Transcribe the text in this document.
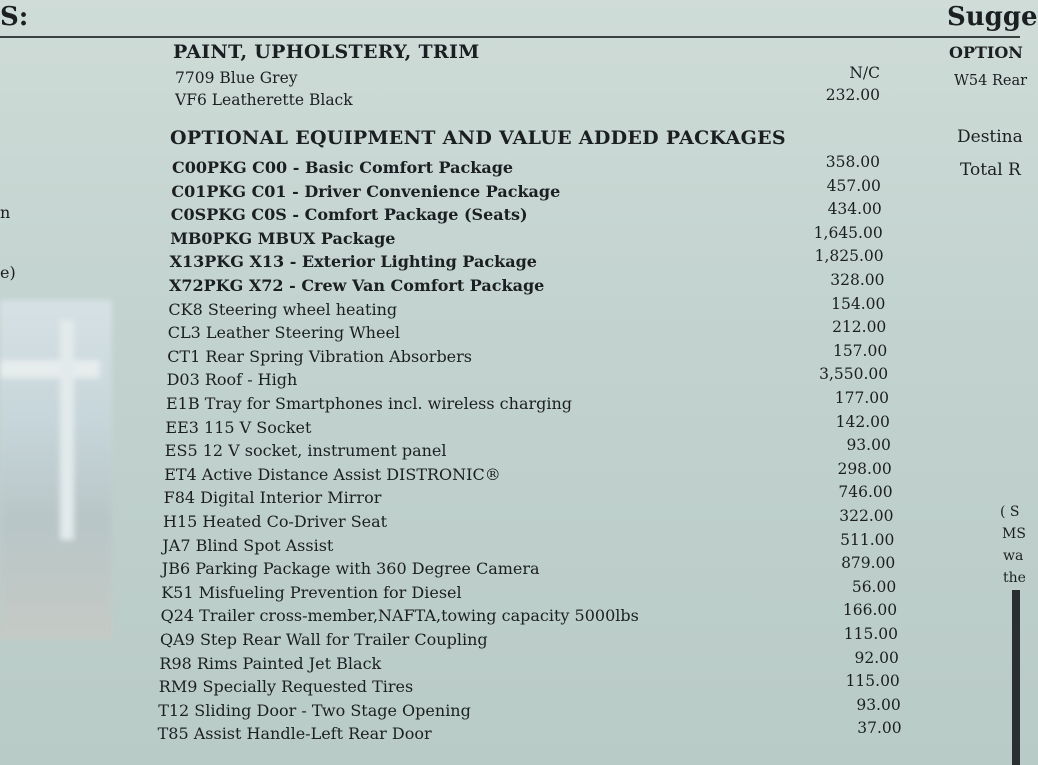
S:	Sugge
n
e)
PAINT, UPHOLSTERY, TRIM
7709 Blue Grey	N/C
VF6 Leatherette Black	232.00
OPTIONAL EQUIPMENT AND VALUE ADDED PACKAGES
C00PKG C00 - Basic Comfort Package	358.00
C01PKG C01 - Driver Convenience Package	457.00
C0SPKG C0S - Comfort Package (Seats)	434.00
MB0PKG MBUX Package	1,645.00
X13PKG X13 - Exterior Lighting Package	1,825.00
X72PKG X72 - Crew Van Comfort Package	328.00
CK8 Steering wheel heating	154.00
CL3 Leather Steering Wheel	212.00
CT1 Rear Spring Vibration Absorbers	157.00
D03 Roof - High	3,550.00
E1B Tray for Smartphones incl. wireless charging	177.00
EE3 115 V Socket	142.00
ES5 12 V socket, instrument panel	93.00
ET4 Active Distance Assist DISTRONIC®	298.00
F84 Digital Interior Mirror	746.00
H15 Heated Co-Driver Seat	322.00
JA7 Blind Spot Assist	511.00
JB6 Parking Package with 360 Degree Camera	879.00
K51 Misfueling Prevention for Diesel	56.00
Q24 Trailer cross-member,NAFTA,towing capacity 5000lbs	166.00
QA9 Step Rear Wall for Trailer Coupling	115.00
R98 Rims Painted Jet Black	92.00
RM9 Specially Requested Tires	115.00
T12 Sliding Door - Two Stage Opening	93.00
T85 Assist Handle-Left Rear Door	37.00
OPTION
W54 Rear
Destina
Total R
( S
MS
wa
the
